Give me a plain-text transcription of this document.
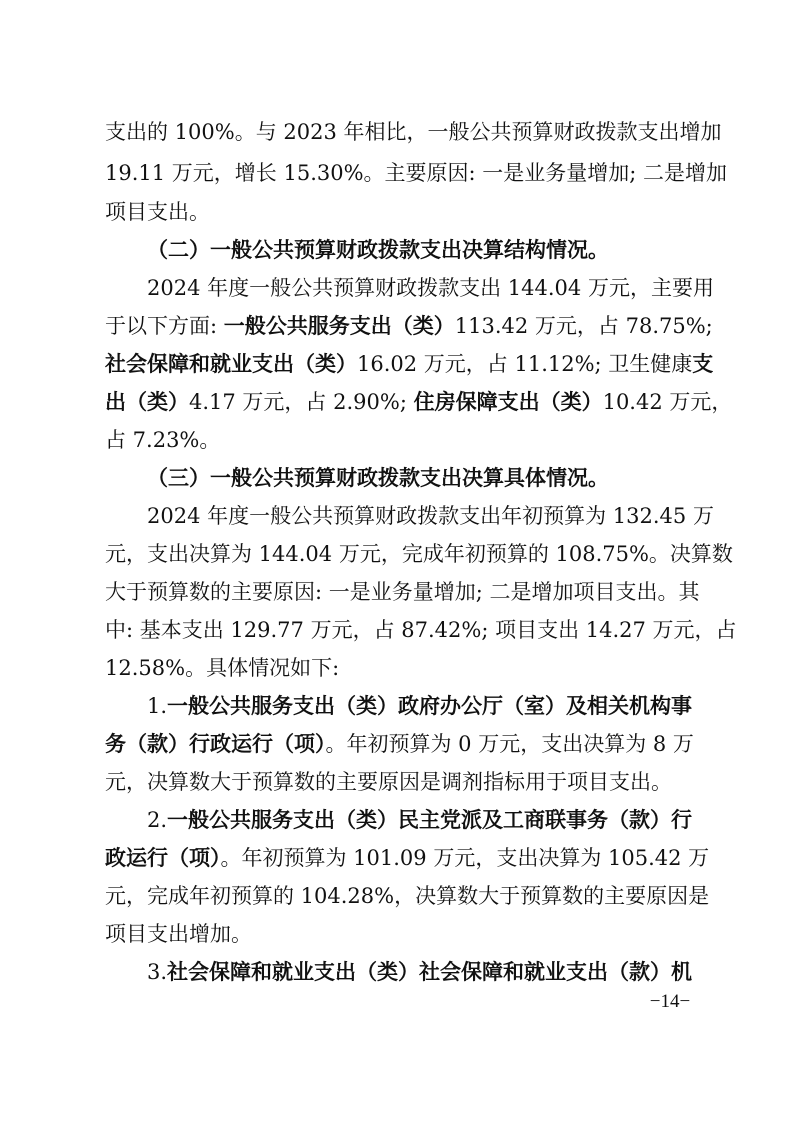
支出的 100%。与 2023 年相比，一般公共预算财政拨款支出增加
19.11 万元，增长 15.30%。主要原因: 一是业务量增加; 二是增加
项目支出。
（二）一般公共预算财政拨款支出决算结构情况。
2024 年度一般公共预算财政拨款支出 144.04 万元，主要用
于以下方面: 一般公共服务支出（类）113.42 万元，占 78.75%;
社会保障和就业支出（类）16.02 万元，占 11.12%; 卫生健康支
出（类）4.17 万元，占 2.90%; 住房保障支出（类）10.42 万元，
占 7.23%。
（三）一般公共预算财政拨款支出决算具体情况。
2024 年度一般公共预算财政拨款支出年初预算为 132.45 万
元，支出决算为 144.04 万元，完成年初预算的 108.75%。决算数
大于预算数的主要原因: 一是业务量增加; 二是增加项目支出。其
中: 基本支出 129.77 万元，占 87.42%; 项目支出 14.27 万元，占
12.58%。具体情况如下:
1.一般公共服务支出（类）政府办公厅（室）及相关机构事
务（款）行政运行（项）。年初预算为 0 万元，支出决算为 8 万
元，决算数大于预算数的主要原因是调剂指标用于项目支出。
2.一般公共服务支出（类）民主党派及工商联事务（款）行
政运行（项）。年初预算为 101.09 万元，支出决算为 105.42 万
元，完成年初预算的 104.28%，决算数大于预算数的主要原因是
项目支出增加。
3.社会保障和就业支出（类）社会保障和就业支出（款）机
−14−
